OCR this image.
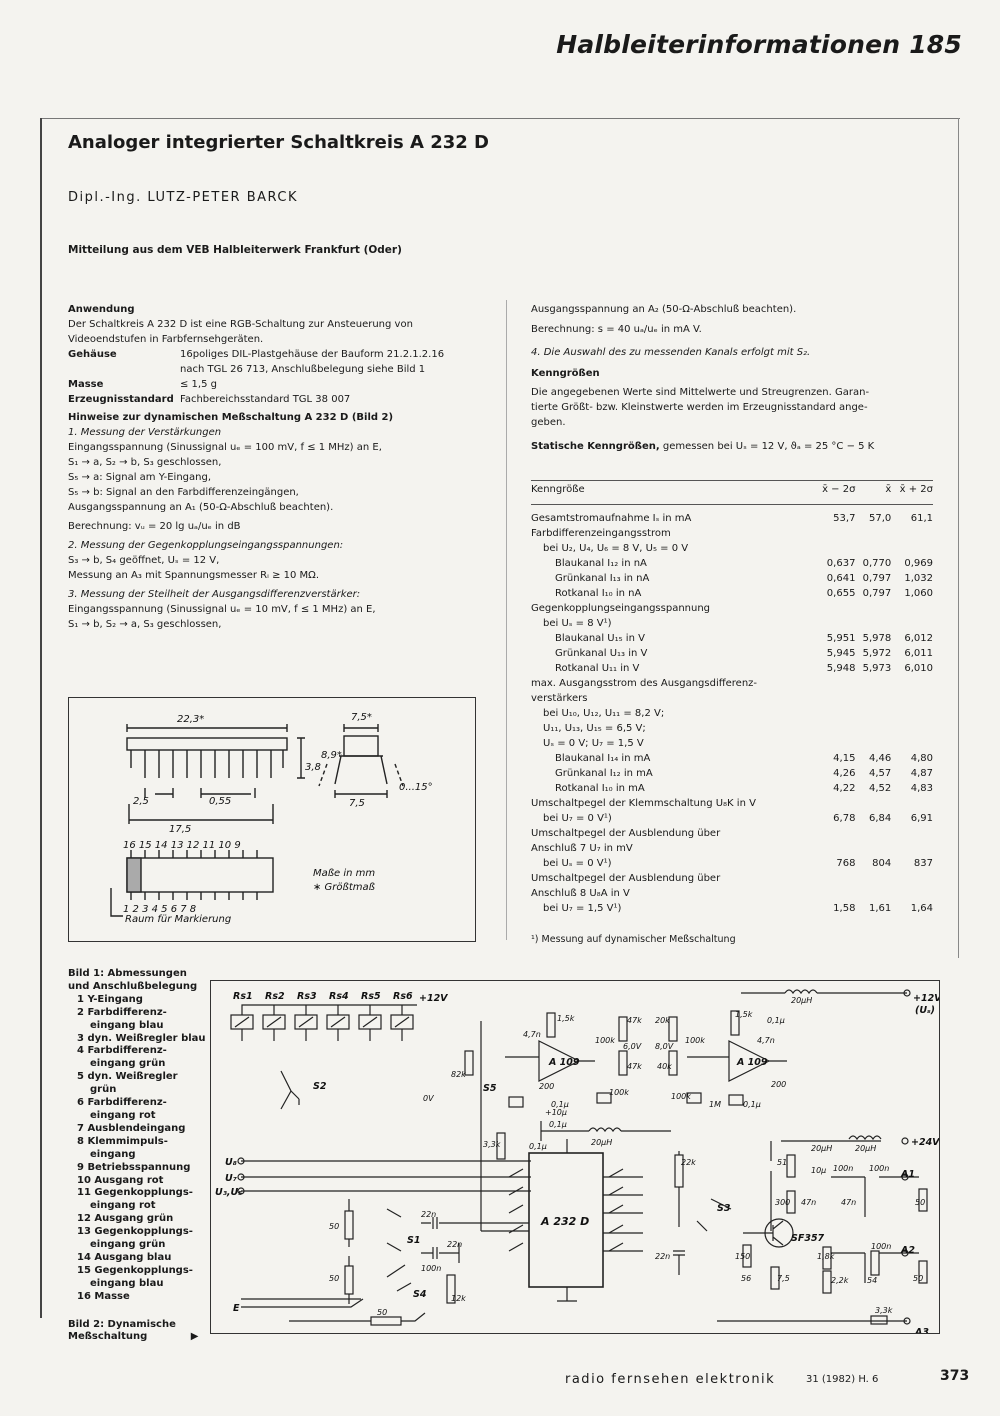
Halbleiterinformationen 185
Analoger integrierter Schaltkreis A 232 D
Dipl.-Ing. LUTZ-PETER BARCK
Mitteilung aus dem VEB Halbleiterwerk Frankfurt (Oder)

Anwendung

Der Schaltkreis A 232 D ist eine RGB-Schaltung zur Ansteuerung von

Videoendstufen in Farbfernsehgeräten.

Gehäuse	16poliges DIL-Plastgehäuse der Bauform 21.2.1.2.16
nach TGL 26 713, Anschlußbelegung siehe Bild 1
Masse	≤ 1,5 g
Erzeugnisstandard Fachbereichsstandard TGL 38 007

Hinweise zur dynamischen Meßschaltung A 232 D (Bild 2)

1. Messung der Verstärkungen

Eingangsspannung (Sinussignal uₑ = 100 mV, f ≤ 1 MHz) an E,

S₁ → a, S₂ → b, S₃ geschlossen,

S₅ → a: Signal am Y-Eingang,

S₅ → b: Signal an den Farbdifferenzeingängen,

Ausgangsspannung an A₁ (50-Ω-Abschluß beachten).

Berechnung: vᵤ = 20 lg uₐ/uₑ in dB

2. Messung der Gegenkopplungseingangsspannungen:

S₃ → b, S₄ geöffnet, Uₛ = 12 V,

Messung an A₃ mit Spannungsmesser Rᵢ ≥ 10 MΩ.

3. Messung der Steilheit der Ausgangsdifferenzverstärker:

Eingangsspannung (Sinussignal uₑ = 10 mV, f ≤ 1 MHz) an E,

S₁ → b, S₂ → a, S₃ geschlossen,

22,3*
3,8
8,9*
2,5	0,55
17,5
7,5*
7,5
0...15°
16 15 14 13 12 11 10 9
1 2 3 4 5 6 7 8
Raum für Markierung
Maße in mm
∗ Größtmaß

Ausgangsspannung an A₂ (50-Ω-Abschluß beachten).

Berechnung: s = 40 uₐ/uₑ in mA V.

4. Die Auswahl des zu messenden Kanals erfolgt mit S₂.

Kenngrößen

Die angegebenen Werte sind Mittelwerte und Streugrenzen. Garan-

tierte Größt- bzw. Kleinstwerte werden im Erzeugnisstandard ange-

geben.

Statische Kenngrößen, gemessen bei Uₛ = 12 V, ϑₐ = 25 °C − 5 K

Kenngröße	x̄ − 2σ	x̄	x̄ + 2σ
Gesamtstromaufnahme Iₛ in mA	53,7	57,0	61,1
Farbdifferenzeingangsstrom			
bei U₂, U₄, U₆ = 8 V, U₅ = 0 V			
Blaukanal I₁₂ in nA	0,637	0,770	0,969
Grünkanal I₁₃ in nA	0,641	0,797	1,032
Rotkanal I₁₀ in nA	0,655	0,797	1,060
Gegenkopplungseingangsspannung			
bei Uₛ = 8 V¹)			
Blaukanal U₁₅ in V	5,951	5,978	6,012
Grünkanal U₁₃ in V	5,945	5,972	6,011
Rotkanal U₁₁ in V	5,948	5,973	6,010
max. Ausgangsstrom des Ausgangsdifferenz-			
verstärkers			
bei U₁₀, U₁₂, U₁₁ = 8,2 V;			
U₁₁, U₁₃, U₁₅ = 6,5 V;			
Uₛ = 0 V; U₇ = 1,5 V			
Blaukanal I₁₄ in mA	4,15	4,46	4,80
Grünkanal I₁₂ in mA	4,26	4,57	4,87
Rotkanal I₁₀ in mA	4,22	4,52	4,83
Umschaltpegel der Klemmschaltung U₈K in V			
bei U₇ = 0 V¹)	6,78	6,84	6,91
Umschaltpegel der Ausblendung über			
Anschluß 7 U₇ in mV			
bei Uₛ = 0 V¹)	768	804	837
Umschaltpegel der Ausblendung über			
Anschluß 8 U₈A in V			
bei U₇ = 1,5 V¹)	1,58	1,61	1,64
¹) Messung auf dynamischer Meßschaltung
Bild 1: Abmessungen
und Anschlußbelegung
1 Y-Eingang
2 Farbdifferenz-
eingang blau
3 dyn. Weißregler blau
4 Farbdifferenz-
eingang grün
5 dyn. Weißregler
grün
6 Farbdifferenz-
eingang rot
7 Ausblendeingang
8 Klemmimpuls-
eingang
9 Betriebsspannung
10 Ausgang rot
11 Gegenkopplungs-
eingang rot
12 Ausgang grün
13 Gegenkopplungs-
eingang grün
14 Ausgang blau
15 Gegenkopplungs-
eingang blau
16 Masse
Bild 2: Dynamische
Meßschaltung	▶
Rs1 Rs2 Rs3 Rs4 Rs5 Rs6 +12V	+12V
(Uₛ)
+24V
A 232 D
A 109	A 109
U₈
U₇
U₃,U₅
E
A1
A2
A3
SF357
S1
S2
S3
S4
S5
82k
4,7n
100k
47k 20k
100k	4,7n
1,5k
6,0V 8,0V
47k 40k
100k
200
100k
0,1µ	1M	0,1µ
200
3,3k	0,1µ	20µH
20µH
0V
22k	51
10µ 100n
300 47n	47n
100n
50
150
56	7,5
1,8k
2,2k 54
100n
50
22n
22n
100n
12k
50
50
50	3,3k
22n
+10µ
0,1µ
20µH
1,5k
20µH
0,1µ
radio fernsehen elektronik	31 (1982) H. 6	373
